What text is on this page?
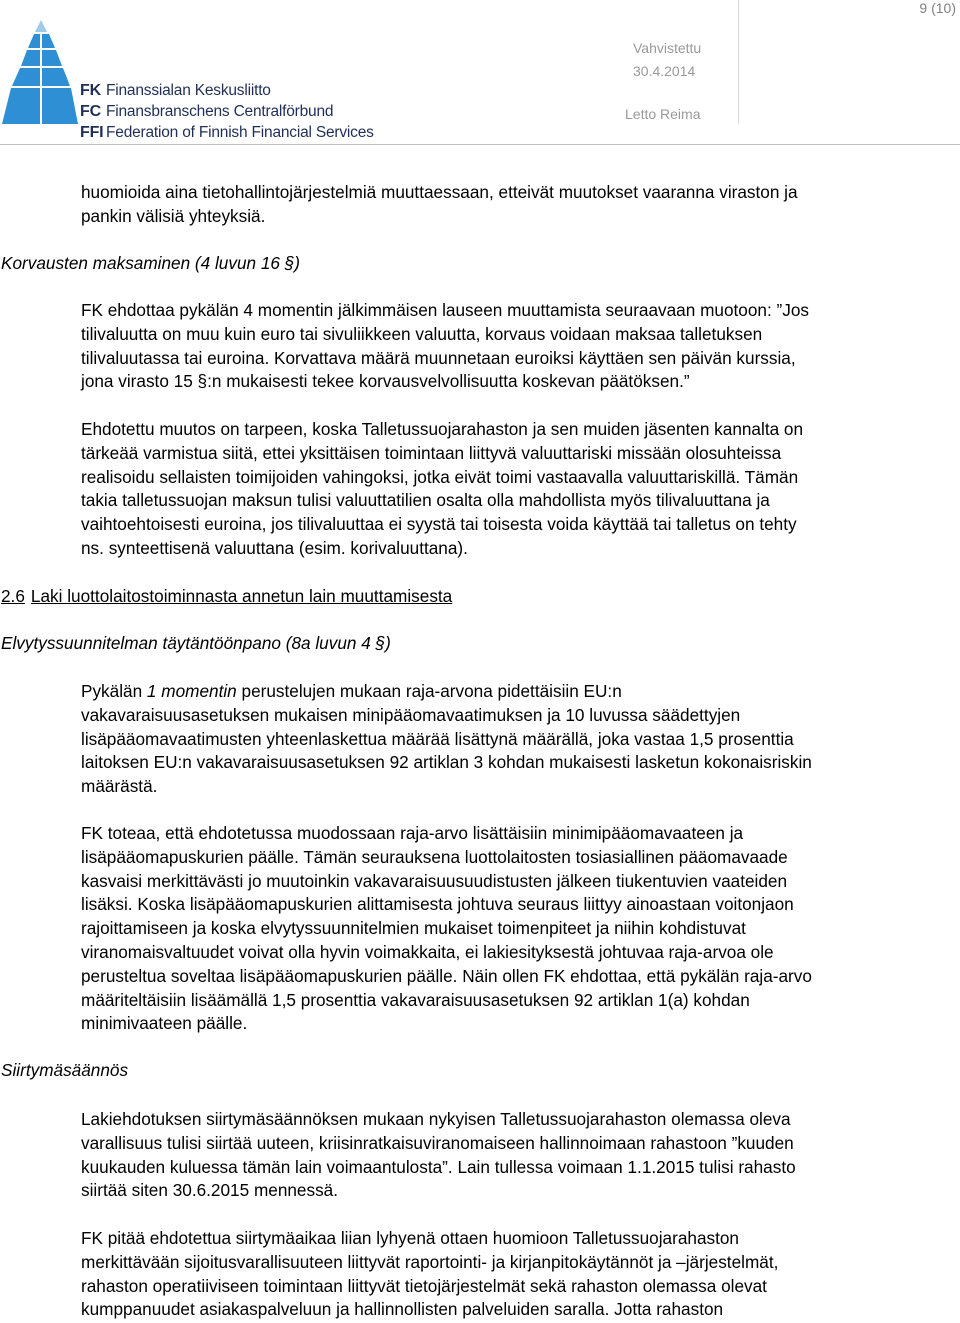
9 (10)
FK Finanssialan Keskusliitto
FC Finansbranschens Centralförbund
FFI Federation of Finnish Financial Services
Vahvistettu
30.4.2014
Letto Reima

huomioida aina tietohallintojärjestelmiä muuttaessaan, etteivät muutokset vaaranna viraston ja

pankin välisiä yhteyksiä.

Korvausten maksaminen (4 luvun 16 §)

FK ehdottaa pykälän 4 momentin jälkimmäisen lauseen muuttamista seuraavaan muotoon: ”Jos

tilivaluutta on muu kuin euro tai sivuliikkeen valuutta, korvaus voidaan maksaa talletuksen

tilivaluutassa tai euroina. Korvattava määrä muunnetaan euroiksi käyttäen sen päivän kurssia,

jona virasto 15 §:n mukaisesti tekee korvausvelvollisuutta koskevan päätöksen.”

Ehdotettu muutos on tarpeen, koska Talletussuojarahaston ja sen muiden jäsenten kannalta on

tärkeää varmistua siitä, ettei yksittäisen toimintaan liittyvä valuuttariski missään olosuhteissa

realisoidu sellaisten toimijoiden vahingoksi, jotka eivät toimi vastaavalla valuuttariskillä. Tämän

takia talletussuojan maksun tulisi valuuttatilien osalta olla mahdollista myös tilivaluuttana ja

vaihtoehtoisesti euroina, jos tilivaluuttaa ei syystä tai toisesta voida käyttää tai talletus on tehty

ns. synteettisenä valuuttana (esim. korivaluuttana).

2.6 Laki luottolaitostoiminnasta annetun lain muuttamisesta
Elvytyssuunnitelman täytäntöönpano (8a luvun 4 §)

Pykälän 1 momentin perustelujen mukaan raja-arvona pidettäisiin EU:n

vakavaraisuusasetuksen mukaisen minipääomavaatimuksen ja 10 luvussa säädettyjen

lisäpääomavaatimusten yhteenlaskettua määrää lisättynä määrällä, joka vastaa 1,5 prosenttia

laitoksen EU:n vakavaraisuusasetuksen 92 artiklan 3 kohdan mukaisesti lasketun kokonaisriskin

määrästä.

FK toteaa, että ehdotetussa muodossaan raja-arvo lisättäisiin minimipääomavaateen ja

lisäpääomapuskurien päälle. Tämän seurauksena luottolaitosten tosiasiallinen pääomavaade

kasvaisi merkittävästi jo muutoinkin vakavaraisuusuudistusten jälkeen tiukentuvien vaateiden

lisäksi. Koska lisäpääomapuskurien alittamisesta johtuva seuraus liittyy ainoastaan voitonjaon

rajoittamiseen ja koska elvytyssuunnitelmien mukaiset toimenpiteet ja niihin kohdistuvat

viranomaisvaltuudet voivat olla hyvin voimakkaita, ei lakiesityksestä johtuvaa raja-arvoa ole

perusteltua soveltaa lisäpääomapuskurien päälle. Näin ollen FK ehdottaa, että pykälän raja-arvo

määriteltäisiin lisäämällä 1,5 prosenttia vakavaraisuusasetuksen 92 artiklan 1(a) kohdan

minimivaateen päälle.

Siirtymäsäännös

Lakiehdotuksen siirtymäsäännöksen mukaan nykyisen Talletussuojarahaston olemassa oleva

varallisuus tulisi siirtää uuteen, kriisinratkaisuviranomaiseen hallinnoimaan rahastoon ”kuuden

kuukauden kuluessa tämän lain voimaantulosta”. Lain tullessa voimaan 1.1.2015 tulisi rahasto

siirtää siten 30.6.2015 mennessä.

FK pitää ehdotettua siirtymäaikaa liian lyhyenä ottaen huomioon Talletussuojarahaston

merkittävään sijoitusvarallisuuteen liittyvät raportointi- ja kirjanpitokäytännöt ja –järjestelmät,

rahaston operatiiviseen toimintaan liittyvät tietojärjestelmät sekä rahaston olemassa olevat

kumppanuudet asiakaspalveluun ja hallinnollisten palveluiden saralla. Jotta rahaston
